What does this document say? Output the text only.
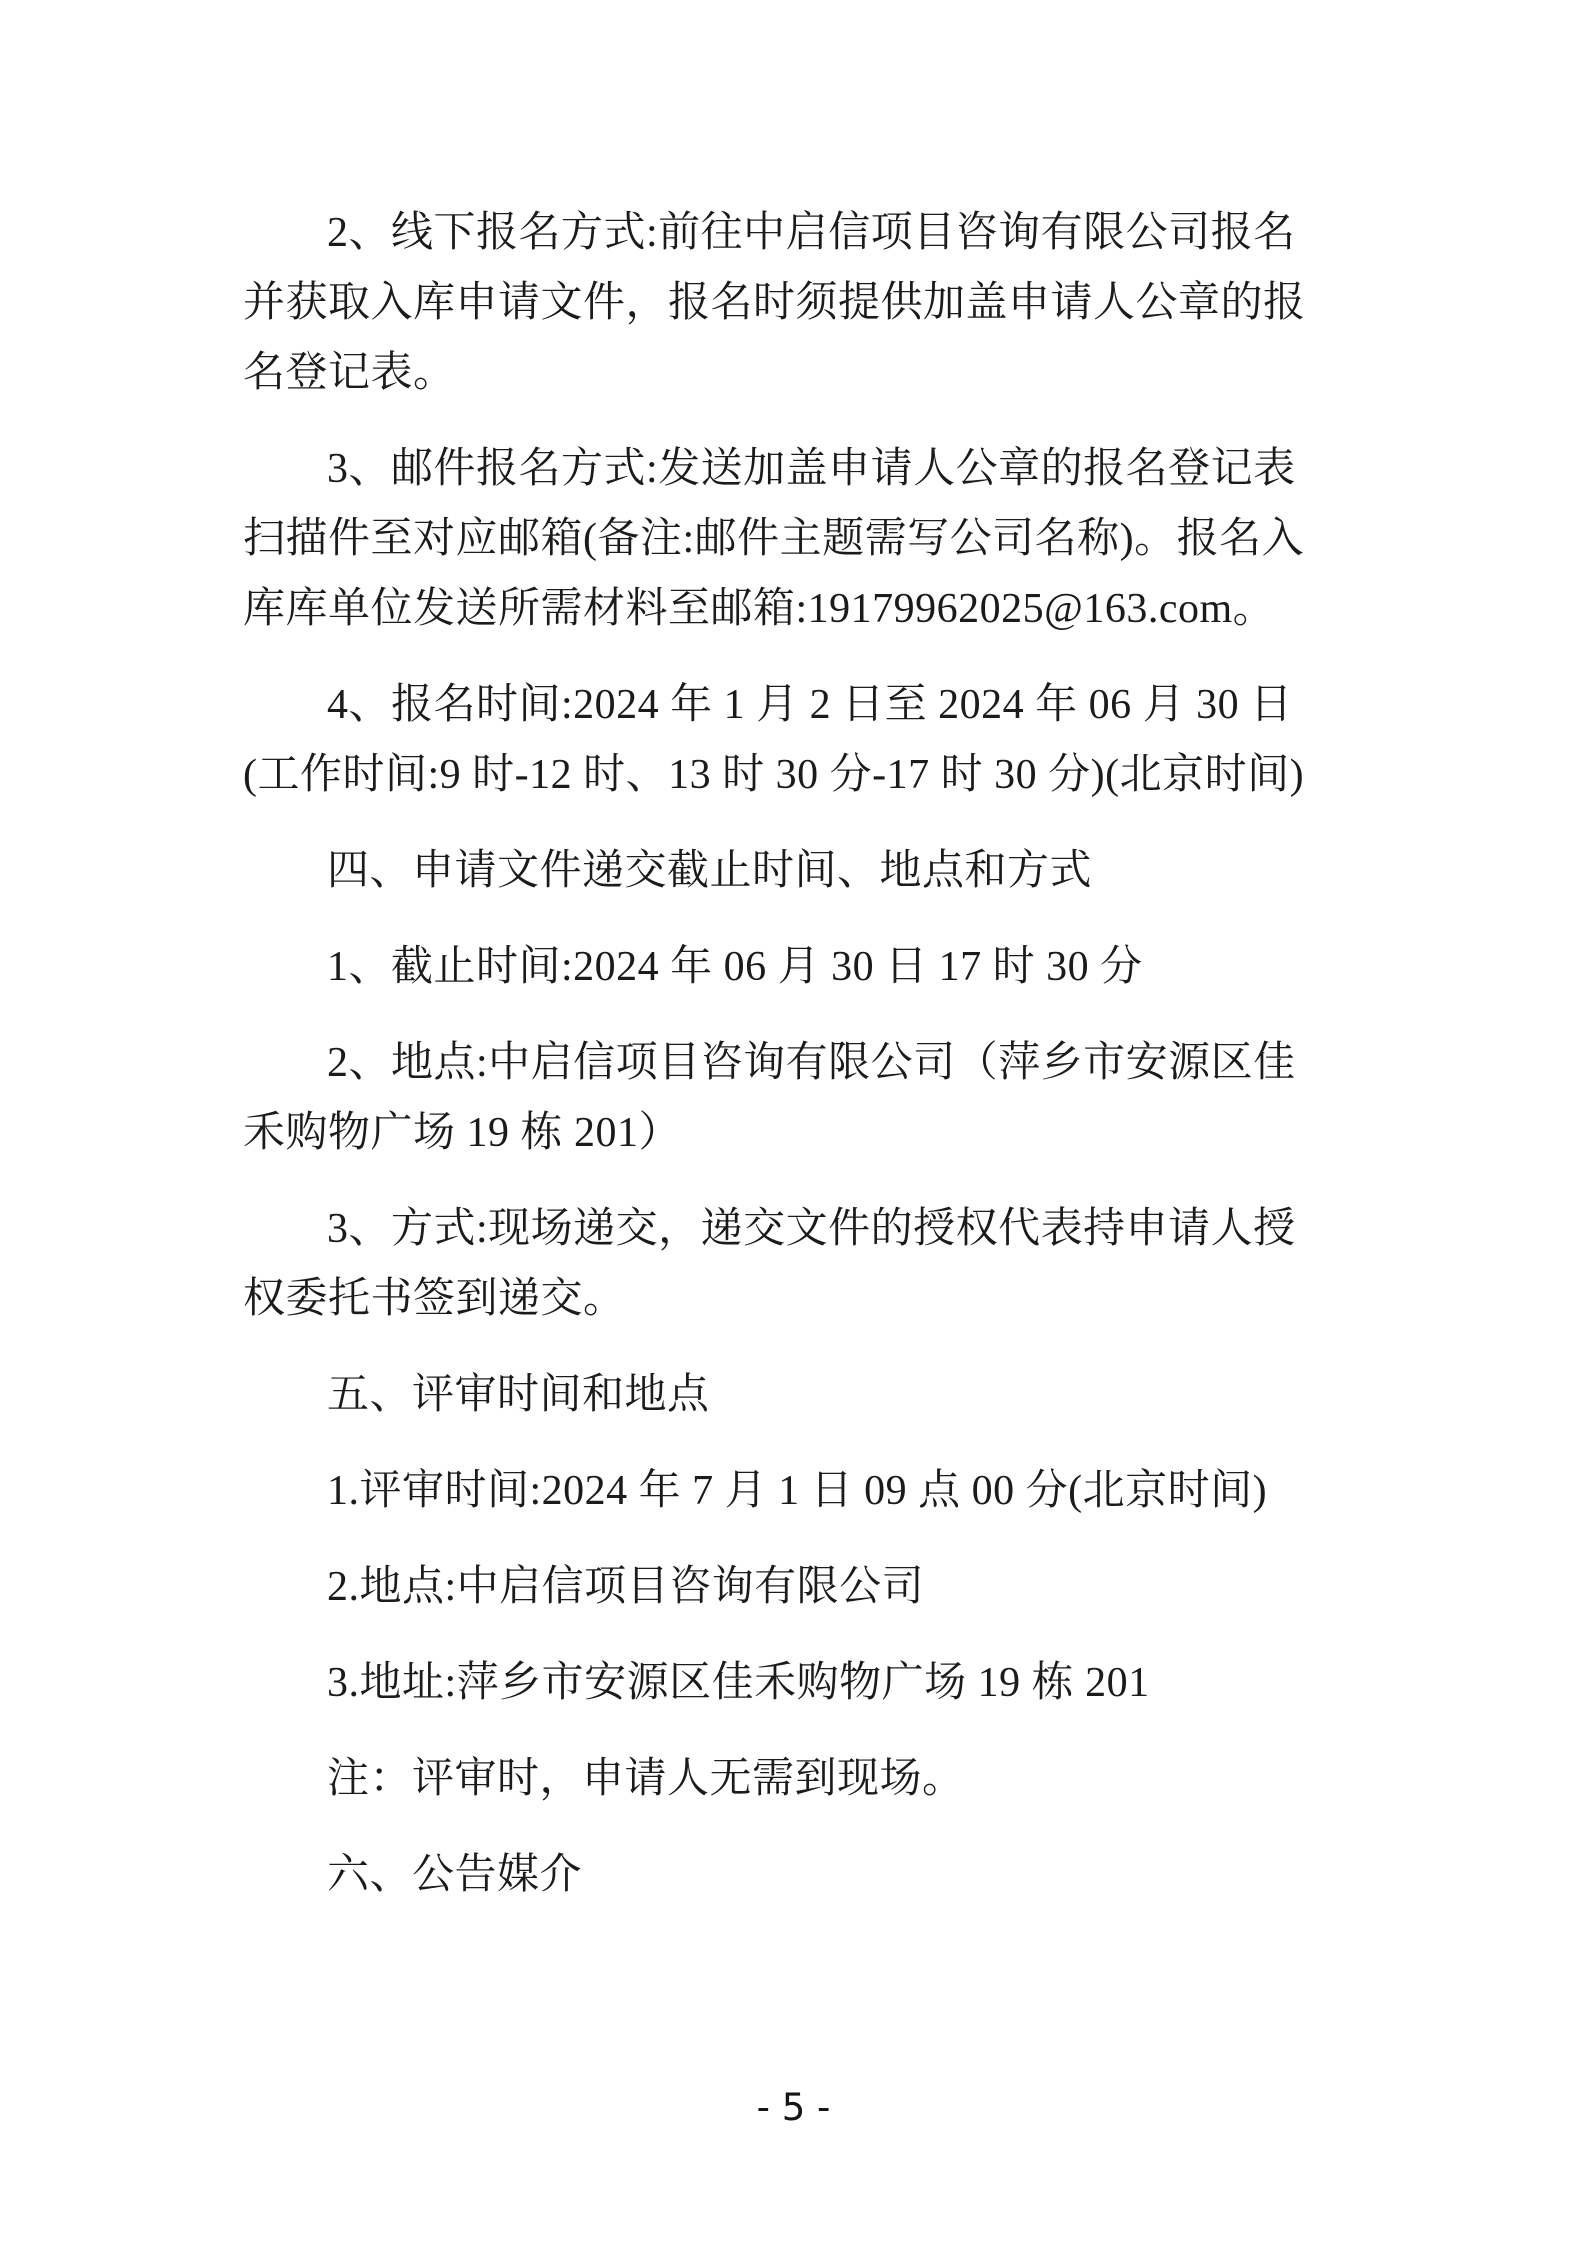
2、线下报名方式:前往中启信项目咨询有限公司报名
并获取入库申请文件，报名时须提供加盖申请人公章的报
名登记表。

3、邮件报名方式:发送加盖申请人公章的报名登记表
扫描件至对应邮箱(备注:邮件主题需写公司名称)。报名入
库库单位发送所需材料至邮箱:19179962025@163.com。

4、报名时间:2024 年 1 月 2 日至 2024 年 06 月 30 日
(工作时间:9 时-12 时、13 时 30 分-17 时 30 分)(北京时间)

四、申请文件递交截止时间、地点和方式

1、截止时间:2024 年 06 月 30 日 17 时 30 分

2、地点:中启信项目咨询有限公司（萍乡市安源区佳
禾购物广场 19 栋 201）

3、方式:现场递交，递交文件的授权代表持申请人授
权委托书签到递交。

五、评审时间和地点

1.评审时间:2024 年 7 月 1 日 09 点 00 分(北京时间)

2.地点:中启信项目咨询有限公司

3.地址:萍乡市安源区佳禾购物广场 19 栋 201

注：评审时，申请人无需到现场。

六、公告媒介

- 5 -
